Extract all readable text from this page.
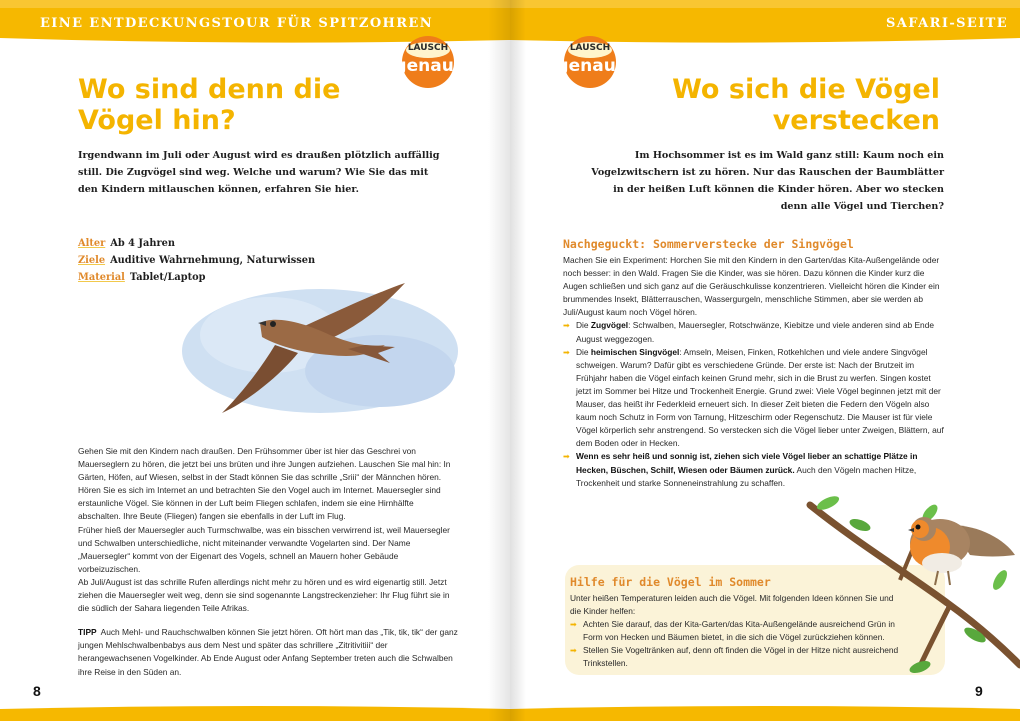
EINE ENTDECKUNGSTOUR FÜR SPITZOHREN
LAUSCH
genau!
Wo sind denn die
Vögel hin?
Irgendwann im Juli oder August wird es draußen plötzlich auffällig still. Die Zugvögel sind weg. Welche und warum? Wie Sie das mit den Kindern mitlauschen können, erfahren Sie hier.
Alter Ab 4 Jahren
Ziele Auditive Wahrnehmung, Naturwissen
Material Tablet/Laptop

Gehen Sie mit den Kindern nach draußen. Den Frühsommer über ist hier das Geschrei von Mauerseglern zu hören, die jetzt bei uns brüten und ihre Jungen aufziehen. Lauschen Sie mal hin: In Gärten, Höfen, auf Wiesen, selbst in der Stadt können Sie das schrille „Sriii“ der Männchen hören. Hören Sie es sich im Internet an und betrachten Sie den Vogel auch im Internet. Mauersegler sind erstaunliche Vögel. Sie können in der Luft beim Fliegen schlafen, indem sie eine Hirnhälfte abschalten. Ihre Beute (Fliegen) fangen sie ebenfalls in der Luft im Flug.

Früher hieß der Mauersegler auch Turmschwalbe, was ein bisschen verwirrend ist, weil Mauersegler und Schwalben unterschiedliche, nicht miteinander verwandte Vogelarten sind. Der Name „Mauersegler“ kommt von der Eigenart des Vogels, schnell an Mauern hoher Gebäude vorbeizuzischen.

Ab Juli/August ist das schrille Rufen allerdings nicht mehr zu hören und es wird eigenartig still. Jetzt ziehen die Mauersegler weit weg, denn sie sind sogenannte Langstreckenzieher: Ihr Flug führt sie in die südlich der Sahara liegenden Teile Afrikas.

TIPP Auch Mehl- und Rauchschwalben können Sie jetzt hören. Oft hört man das „Tik, tik, tik“ der ganz jungen Mehlschwalbenbabys aus dem Nest und später das schrillere „Zitritivitiii“ der herangewachsenen Vogelkinder. Ab Ende August oder Anfang September treten auch die Schwalben ihre Reise in den Süden an.

8
SAFARI-SEITE
LAUSCH
genau!
Wo sich die Vögel
verstecken
Im Hochsommer ist es im Wald ganz still: Kaum noch ein Vogelzwitschern ist zu hören. Nur das Rauschen der Baumblätter in der heißen Luft können die Kinder hören. Aber wo stecken denn alle Vögel und Tierchen?
Nachgeguckt: Sommerverstecke der Singvögel

Machen Sie ein Experiment: Horchen Sie mit den Kindern in den Garten/das Kita-Außengelände oder noch besser: in den Wald. Fragen Sie die Kinder, was sie hören. Dazu können die Kinder kurz die Augen schließen und sich ganz auf die Geräuschkulisse konzentrieren. Vielleicht hören die Kinder ein brummendes Insekt, Blätterrauschen, Wassergurgeln, menschliche Stimmen, aber sie werden ab Juli/August kaum noch Vögel hören.

➡ Die Zugvögel: Schwalben, Mauersegler, Rotschwänze, Kiebitze und viele anderen sind ab Ende August weggezogen.
➡ Die heimischen Singvögel: Amseln, Meisen, Finken, Rotkehlchen und viele andere Singvögel schweigen. Warum? Dafür gibt es verschiedene Gründe. Der erste ist: Nach der Brutzeit im Frühjahr haben die Vögel einfach keinen Grund mehr, sich in die Brust zu werfen. Singen kostet jetzt im Sommer bei Hitze und Trockenheit Energie. Grund zwei: Viele Vögel beginnen jetzt mit der Mauser, das heißt ihr Federkleid erneuert sich. In dieser Zeit bieten die Federn den Vögeln also kaum noch Schutz in Form von Tarnung, Hitzeschirm oder Regenschutz. Die Mauser ist für viele Vögel körperlich sehr anstrengend. So verstecken sich die Vögel lieber unter Zweigen, Blättern, auf dem Boden oder in Hecken.
➡ Wenn es sehr heiß und sonnig ist, ziehen sich viele Vögel lieber an schattige Plätze in Hecken, Büschen, Schilf, Wiesen oder Bäumen zurück. Auch den Vögeln machen Hitze, Trockenheit und starke Sonneneinstrahlung zu schaffen.
Hilfe für die Vögel im Sommer

Unter heißen Temperaturen leiden auch die Vögel. Mit folgenden Ideen können Sie und die Kinder helfen:

➡ Achten Sie darauf, das der Kita-Garten/das Kita-Außengelände ausreichend Grün in Form von Hecken und Bäumen bietet, in die sich die Vögel zurückziehen können.
➡ Stellen Sie Vogeltränken auf, denn oft finden die Vögel in der Hitze nicht ausreichend Trinkstellen.
9
